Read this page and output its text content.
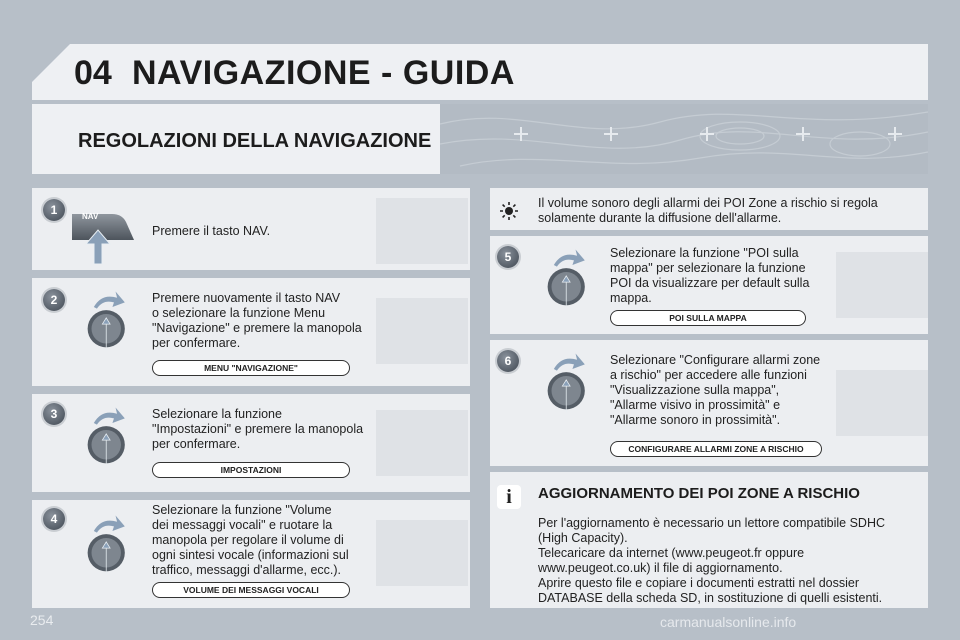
04 NAVIGAZIONE - GUIDA
REGOLAZIONI DELLA NAVIGAZIONE
1
2
3
4
5
6
NAV
Premere il tasto NAV.
Premere nuovamente il tasto NAV
o selezionare la funzione Menu
"Navigazione" e premere la manopola
per confermare.
Selezionare la funzione
"Impostazioni" e premere la manopola
per confermare.
Selezionare la funzione "Volume
dei messaggi vocali" e ruotare la
manopola per regolare il volume di
ogni sintesi vocale (informazioni sul
traffico, messaggi d'allarme, ecc.).
Selezionare la funzione "POI sulla
mappa" per selezionare la funzione
POI da visualizzare per default sulla
mappa.
Selezionare "Configurare allarmi zone
a rischio" per accedere alle funzioni
"Visualizzazione sulla mappa",
"Allarme visivo in prossimità" e
"Allarme sonoro in prossimità".
MENU "NAVIGAZIONE"
IMPOSTAZIONI
VOLUME DEI MESSAGGI VOCALI
POI SULLA MAPPA
CONFIGURARE ALLARMI ZONE A RISCHIO
Il volume sonoro degli allarmi dei POI Zone a rischio si regola
solamente durante la diffusione dell'allarme.
i	AGGIORNAMENTO DEI POI ZONE A RISCHIO
Per l'aggiornamento è necessario un lettore compatibile SDHC
(High Capacity).
Telecaricare da internet (www.peugeot.fr oppure
www.peugeot.co.uk) il file di aggiornamento.
Aprire questo file e copiare i documenti estratti nel dossier
DATABASE della scheda SD, in sostituzione di quelli esistenti.
254	carmanualsonline.info
